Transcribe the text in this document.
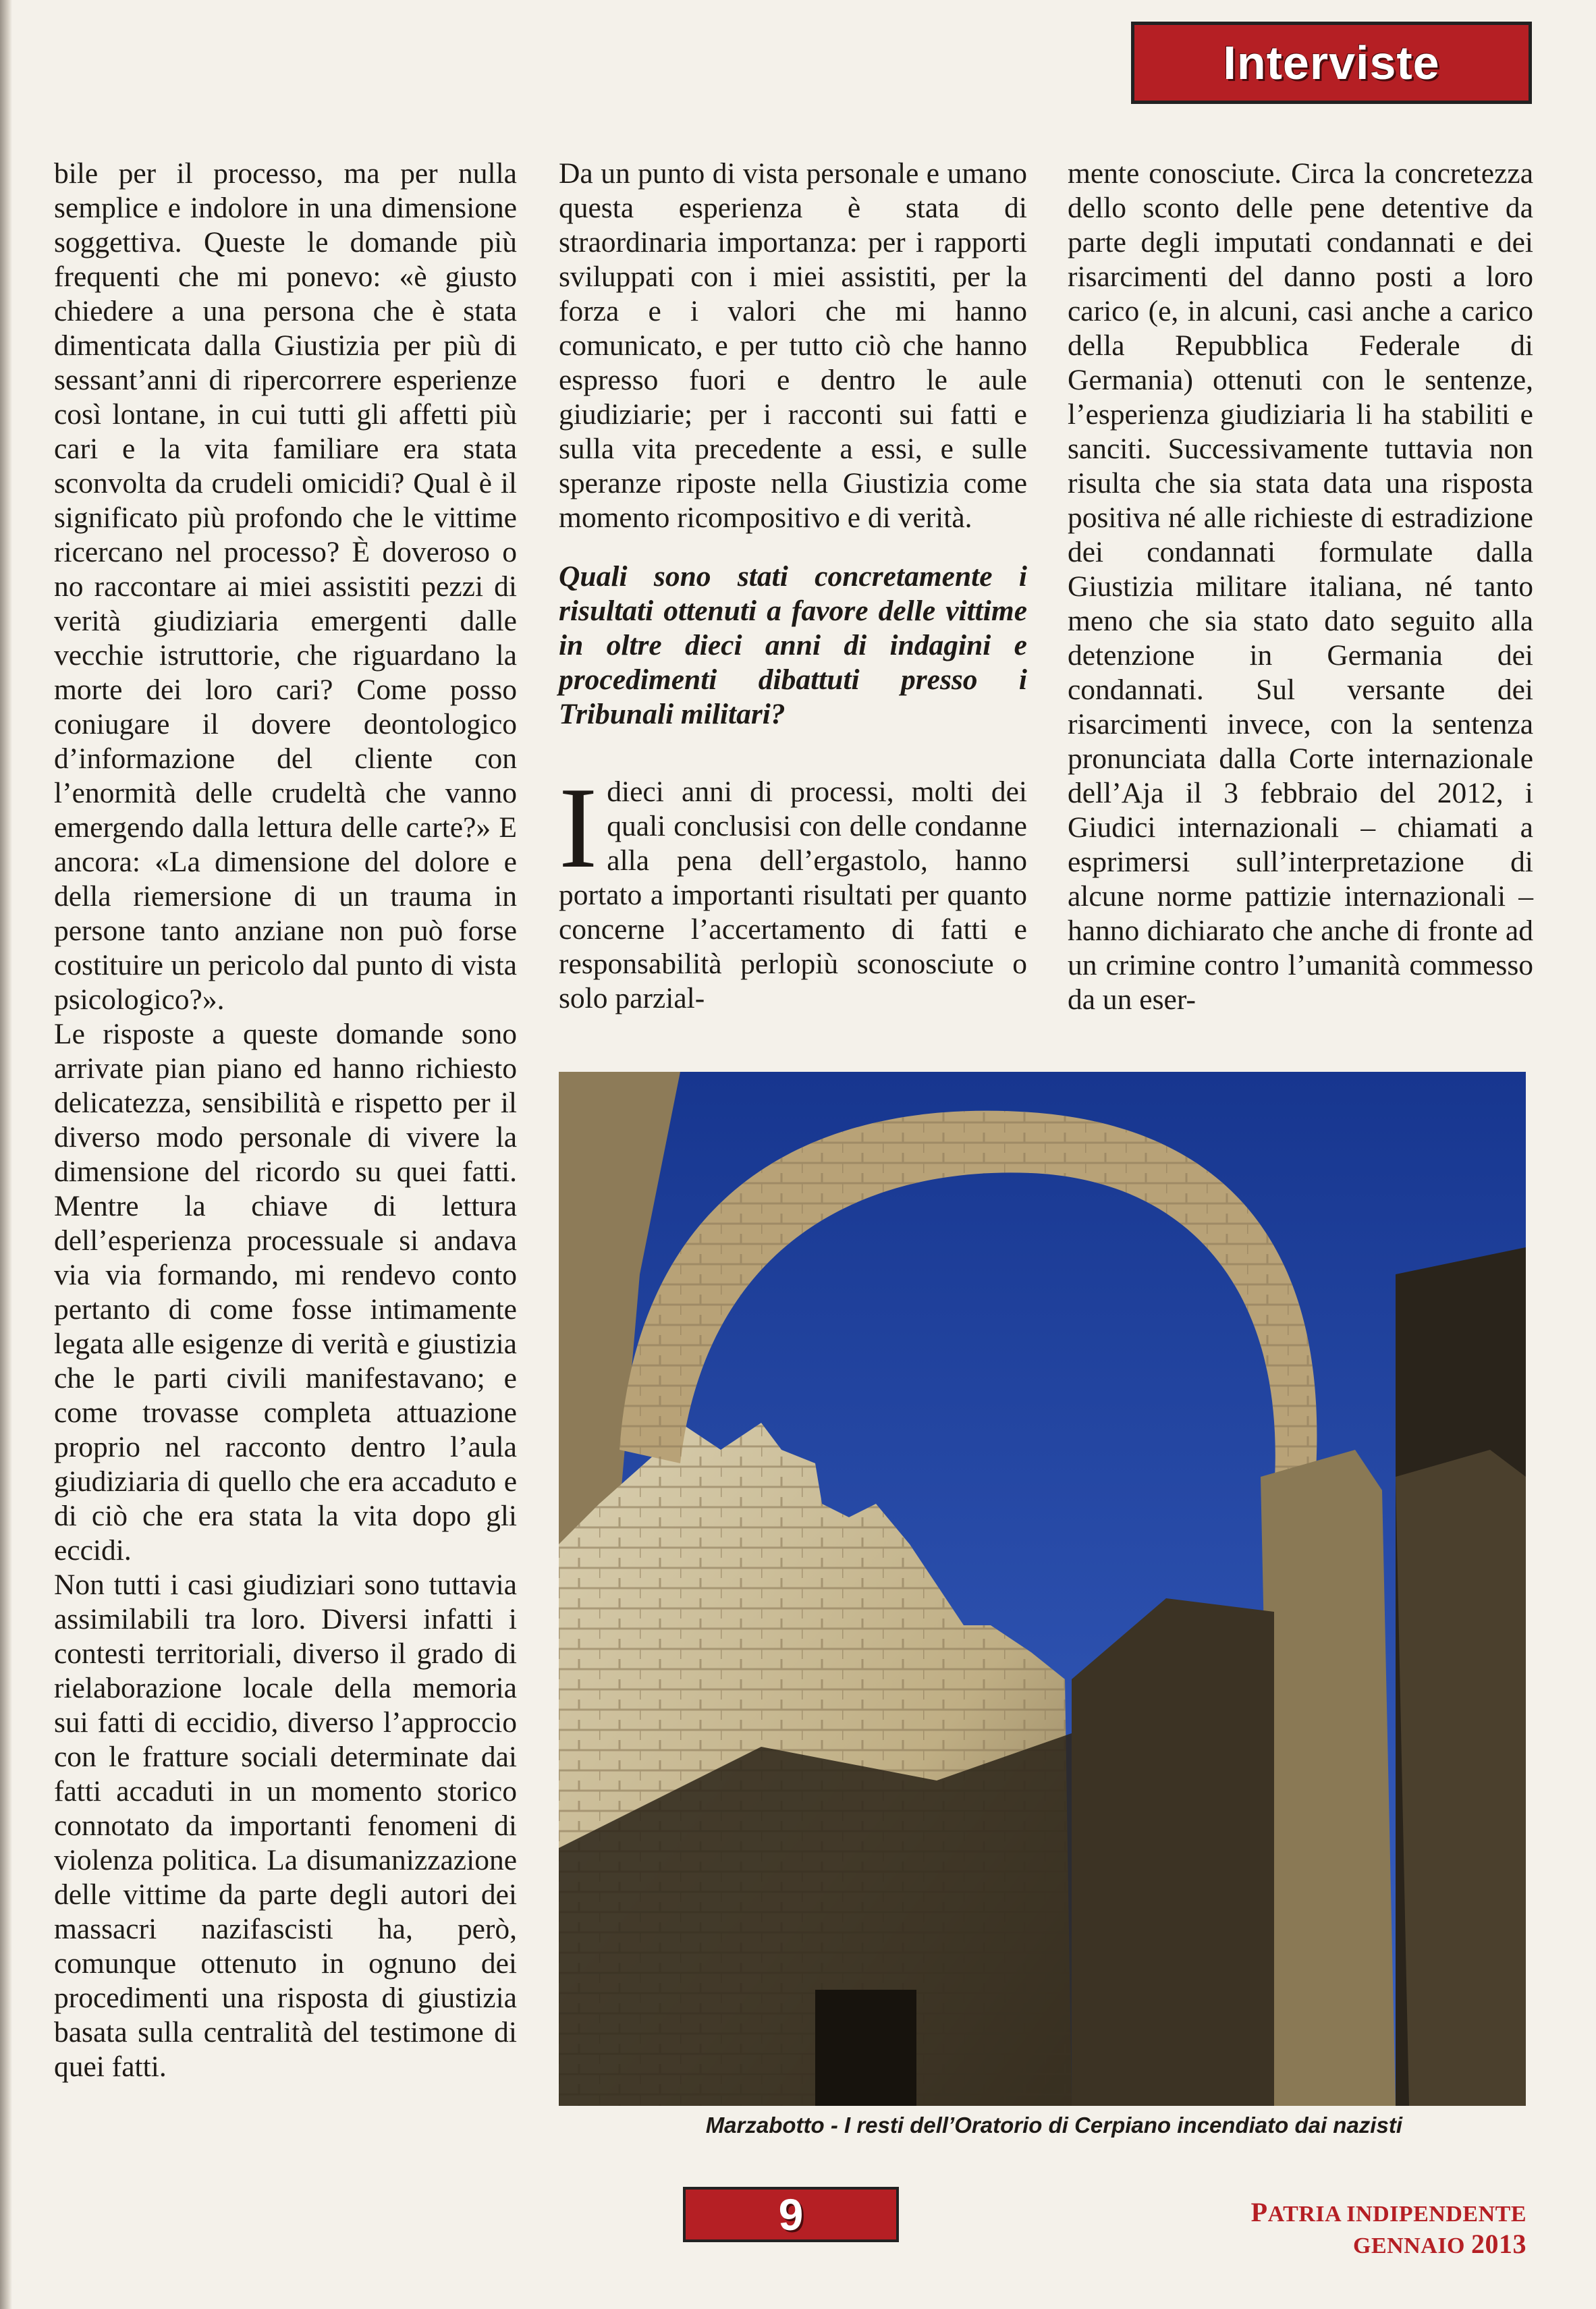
Interviste

bile per il processo, ma per nulla semplice e indolore in una dimensione soggettiva. Queste le domande più frequenti che mi ponevo: «è giusto chiedere a una persona che è stata dimenticata dalla Giustizia per più di sessant’anni di ripercorrere esperienze così lontane, in cui tutti gli affetti più cari e la vita familiare era stata sconvolta da crudeli omicidi? Qual è il significato più profondo che le vittime ricercano nel processo? È doveroso o no raccontare ai miei assistiti pezzi di verità giudiziaria emergenti dalle vecchie istruttorie, che riguardano la morte dei loro cari? Come posso coniugare il dovere deontologico d’informazione del cliente con l’enormità delle crudeltà che vanno emergendo dalla lettura delle carte?» E ancora: «La dimensione del dolore e della riemersione di un trauma in persone tanto anziane non può forse costituire un pericolo dal punto di vista psicologico?».

Le risposte a queste domande sono arrivate pian piano ed hanno richiesto delicatezza, sensibilità e rispetto per il diverso modo personale di vivere la dimensione del ricordo su quei fatti. Mentre la chiave di lettura dell’esperienza processuale si andava via via formando, mi rendevo conto pertanto di come fosse intimamente legata alle esigenze di verità e giustizia che le parti civili manifestavano; e come trovasse completa attuazione proprio nel racconto dentro l’aula giudiziaria di quello che era accaduto e di ciò che era stata la vita dopo gli eccidi.

Non tutti i casi giudiziari sono tuttavia assimilabili tra loro. Diversi infatti i contesti territoriali, diverso il grado di rielaborazione locale della memoria sui fatti di eccidio, diverso l’approccio con le fratture sociali determinate dai fatti accaduti in un momento storico connotato da importanti fenomeni di violenza politica. La disumanizzazione delle vittime da parte degli autori dei massacri nazifascisti ha, però, comunque ottenuto in ognuno dei procedimenti una risposta di giustizia basata sulla centralità del testimone di quei fatti.

Da un punto di vista personale e umano questa esperienza è stata di straordinaria importanza: per i rapporti sviluppati con i miei assistiti, per la forza e i valori che mi hanno comunicato, e per tutto ciò che hanno espresso fuori e dentro le aule giudiziarie; per i racconti sui fatti e sulla vita precedente a essi, e sulle speranze riposte nella Giustizia come momento ricompositivo e di verità.

Quali sono stati concretamente i risultati ottenuti a favore delle vittime in oltre dieci anni di indagini e procedimenti dibattuti presso i Tribunali militari?

Idieci anni di processi, molti dei quali conclusisi con delle condanne alla pena dell’ergastolo, hanno portato a importanti risultati per quanto concerne l’accertamento di fatti e responsabilità perlopiù sconosciute o solo parzial-

mente conosciute. Circa la concretezza dello sconto delle pene detentive da parte degli imputati condannati e dei risarcimenti del danno posti a loro carico (e, in alcuni, casi anche a carico della Repubblica Federale di Germania) ottenuti con le sentenze, l’esperienza giudiziaria li ha stabiliti e sanciti. Successivamente tuttavia non risulta che sia stata data una risposta positiva né alle richieste di estradizione dei condannati formulate dalla Giustizia militare italiana, né tanto meno che sia stato dato seguito alla detenzione in Germania dei condannati. Sul versante dei risarcimenti invece, con la sentenza pronunciata dalla Corte internazionale dell’Aja il 3 febbraio del 2012, i Giudici internazionali – chiamati a esprimersi sull’interpretazione di alcune norme pattizie internazionali – hanno dichiarato che anche di fronte ad un crimine contro l’umanità commesso da un eser-

Marzabotto - I resti dell’Oratorio di Cerpiano incendiato dai nazisti
9	PATRIA INDIPENDENTE GENNAIO 2013
